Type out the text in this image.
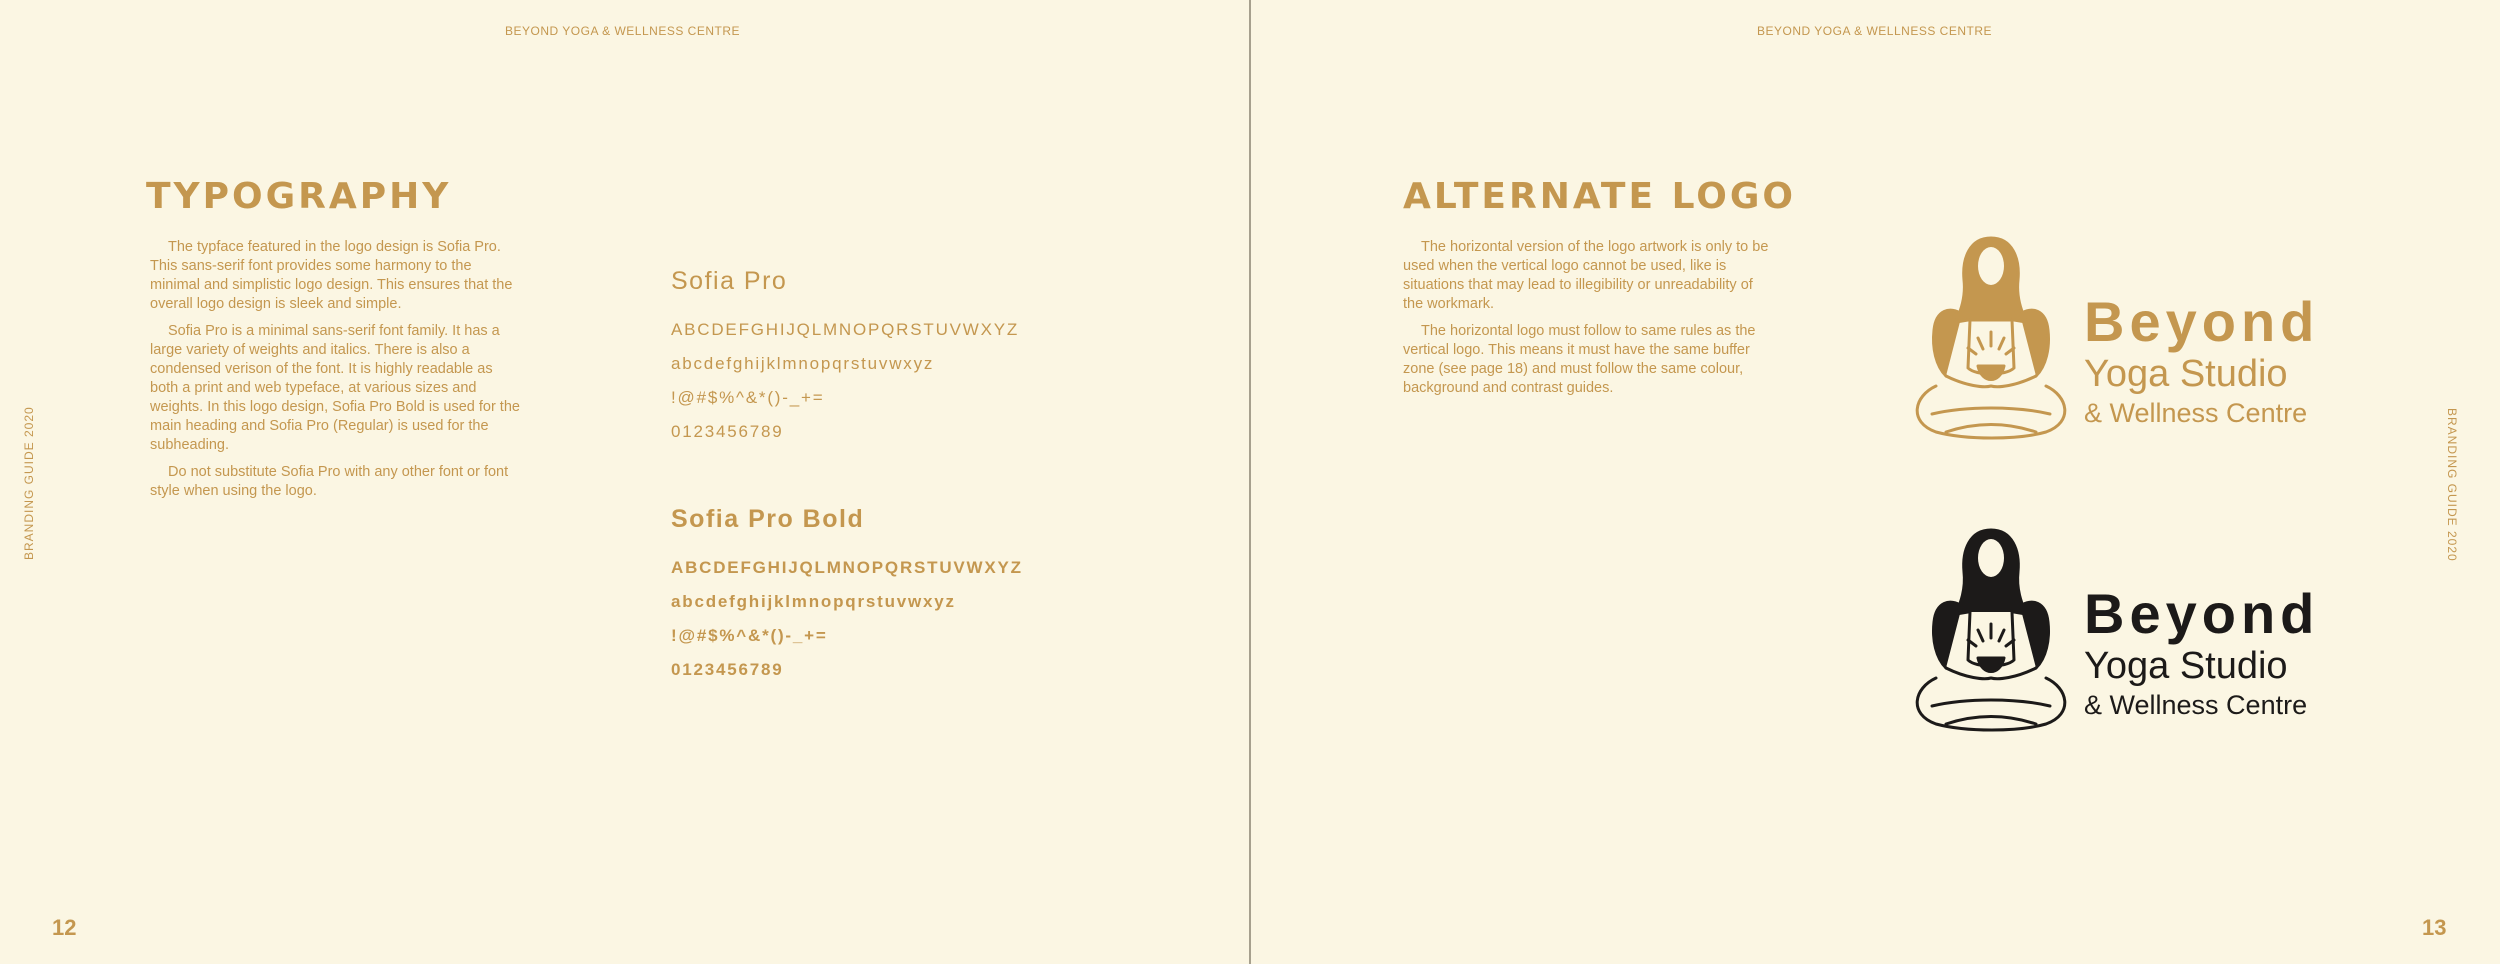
BEYOND YOGA & WELLNESS CENTRE
BRANDING GUIDE 2020
12
TYPOGRAPHY

The typface featured in the logo design is Sofia Pro. This sans-serif font provides some harmony to the minimal and simplistic logo design. This ensures that the overall logo design is sleek and simple.

Sofia Pro is a minimal sans-serif font family. It has a large variety of weights and italics. There is also a condensed verison of the font. It is highly readable as both a print and web typeface, at various sizes and weights. In this logo design, Sofia Pro Bold is used for the main heading and Sofia Pro (Regular) is used for the subheading.

Do not substitute Sofia Pro with any other font or font style when using the logo.

Sofia Pro
ABCDEFGHIJQLMNOPQRSTUVWXYZ
abcdefghijklmnopqrstuvwxyz
!@#$%^&*()-_+=
0123456789
Sofia Pro Bold
ABCDEFGHIJQLMNOPQRSTUVWXYZ
abcdefghijklmnopqrstuvwxyz
!@#$%^&*()-_+=
0123456789
BEYOND YOGA & WELLNESS CENTRE
BRANDING GUIDE 2020
13
ALTERNATE LOGO

The horizontal version of the logo artwork is only to be used when the vertical logo cannot be used, like is situations that may lead to illegibility or unreadability of the workmark.

The horizontal logo must follow to same rules as the vertical logo. This means it must have the same buffer zone (see page 18) and must follow the same colour, background and contrast guides.

Beyond
Yoga Studio
& Wellness Centre
Beyond
Yoga Studio
& Wellness Centre
